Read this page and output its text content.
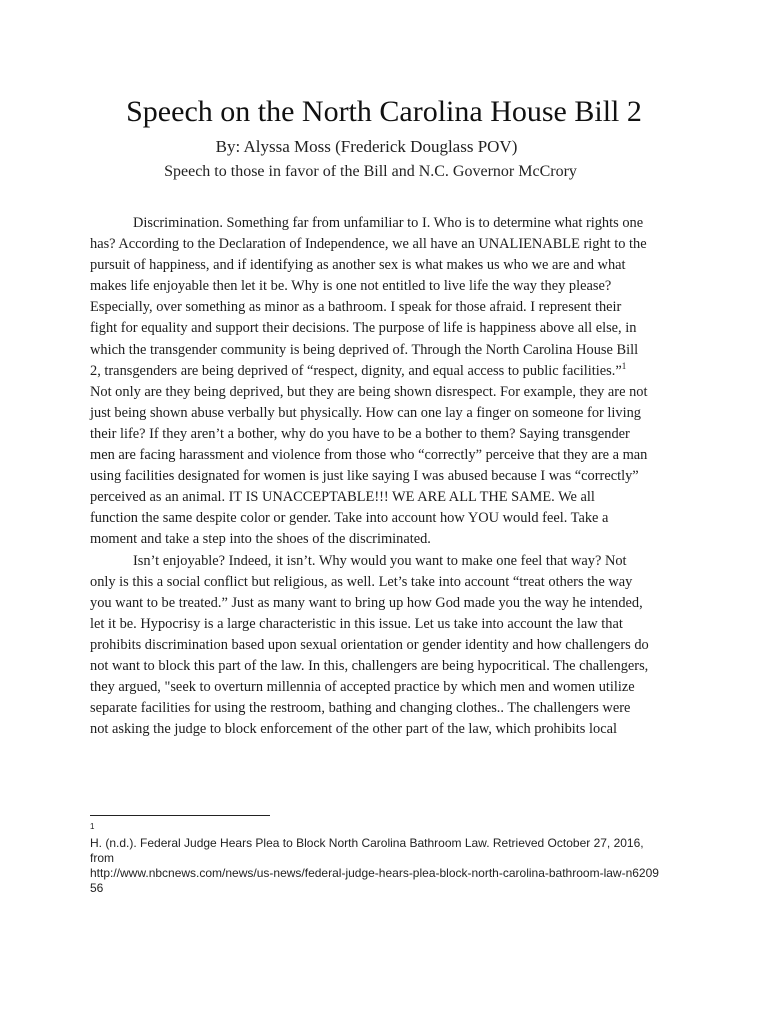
Speech on the North Carolina House Bill 2
By: Alyssa Moss (Frederick Douglass POV)
Speech to those in favor of the Bill and N.C. Governor McCrory
Discrimination. Something far from unfamiliar to I. Who is to determine what rights one
has? According to the Declaration of Independence, we all have an UNALIENABLE right to the
pursuit of happiness, and if identifying as another sex is what makes us who we are and what
makes life enjoyable then let it be. Why is one not entitled to live life the way they please?
Especially, over something as minor as a bathroom. I speak for those afraid. I represent their
fight for equality and support their decisions. The purpose of life is happiness above all else, in
which the transgender community is being deprived of. Through the North Carolina House Bill
2, transgenders are being deprived of “respect, dignity, and equal access to public facilities.”$^1$
Not only are they being deprived, but they are being shown disrespect. For example, they are not
just being shown abuse verbally but physically. How can one lay a finger on someone for living
their life? If they aren’t a bother, why do you have to be a bother to them? Saying transgender
men are facing harassment and violence from those who “correctly” perceive that they are a man
using facilities designated for women is just like saying I was abused because I was “correctly”
perceived as an animal. IT IS UNACCEPTABLE!!! WE ARE ALL THE SAME. We all
function the same despite color or gender. Take into account how YOU would feel. Take a
moment and take a step into the shoes of the discriminated.
Isn’t enjoyable? Indeed, it isn’t. Why would you want to make one feel that way? Not
only is this a social conflict but religious, as well. Let’s take into account “treat others the way
you want to be treated.” Just as many want to bring up how God made you the way he intended,
let it be. Hypocrisy is a large characteristic in this issue. Let us take into account the law that
prohibits discrimination based upon sexual orientation or gender identity and how challengers do
not want to block this part of the law. In this, challengers are being hypocritical. The challengers,
they argued, "seek to overturn millennia of accepted practice by which men and women utilize
separate facilities for using the restroom, bathing and changing clothes.. The challengers were
not asking the judge to block enforcement of the other part of the law, which prohibits local
1
H. (n.d.). Federal Judge Hears Plea to Block North Carolina Bathroom Law. Retrieved October 27, 2016,
from
http://www.nbcnews.com/news/us-news/federal-judge-hears-plea-block-north-carolina-bathroom-law-n6209
56
